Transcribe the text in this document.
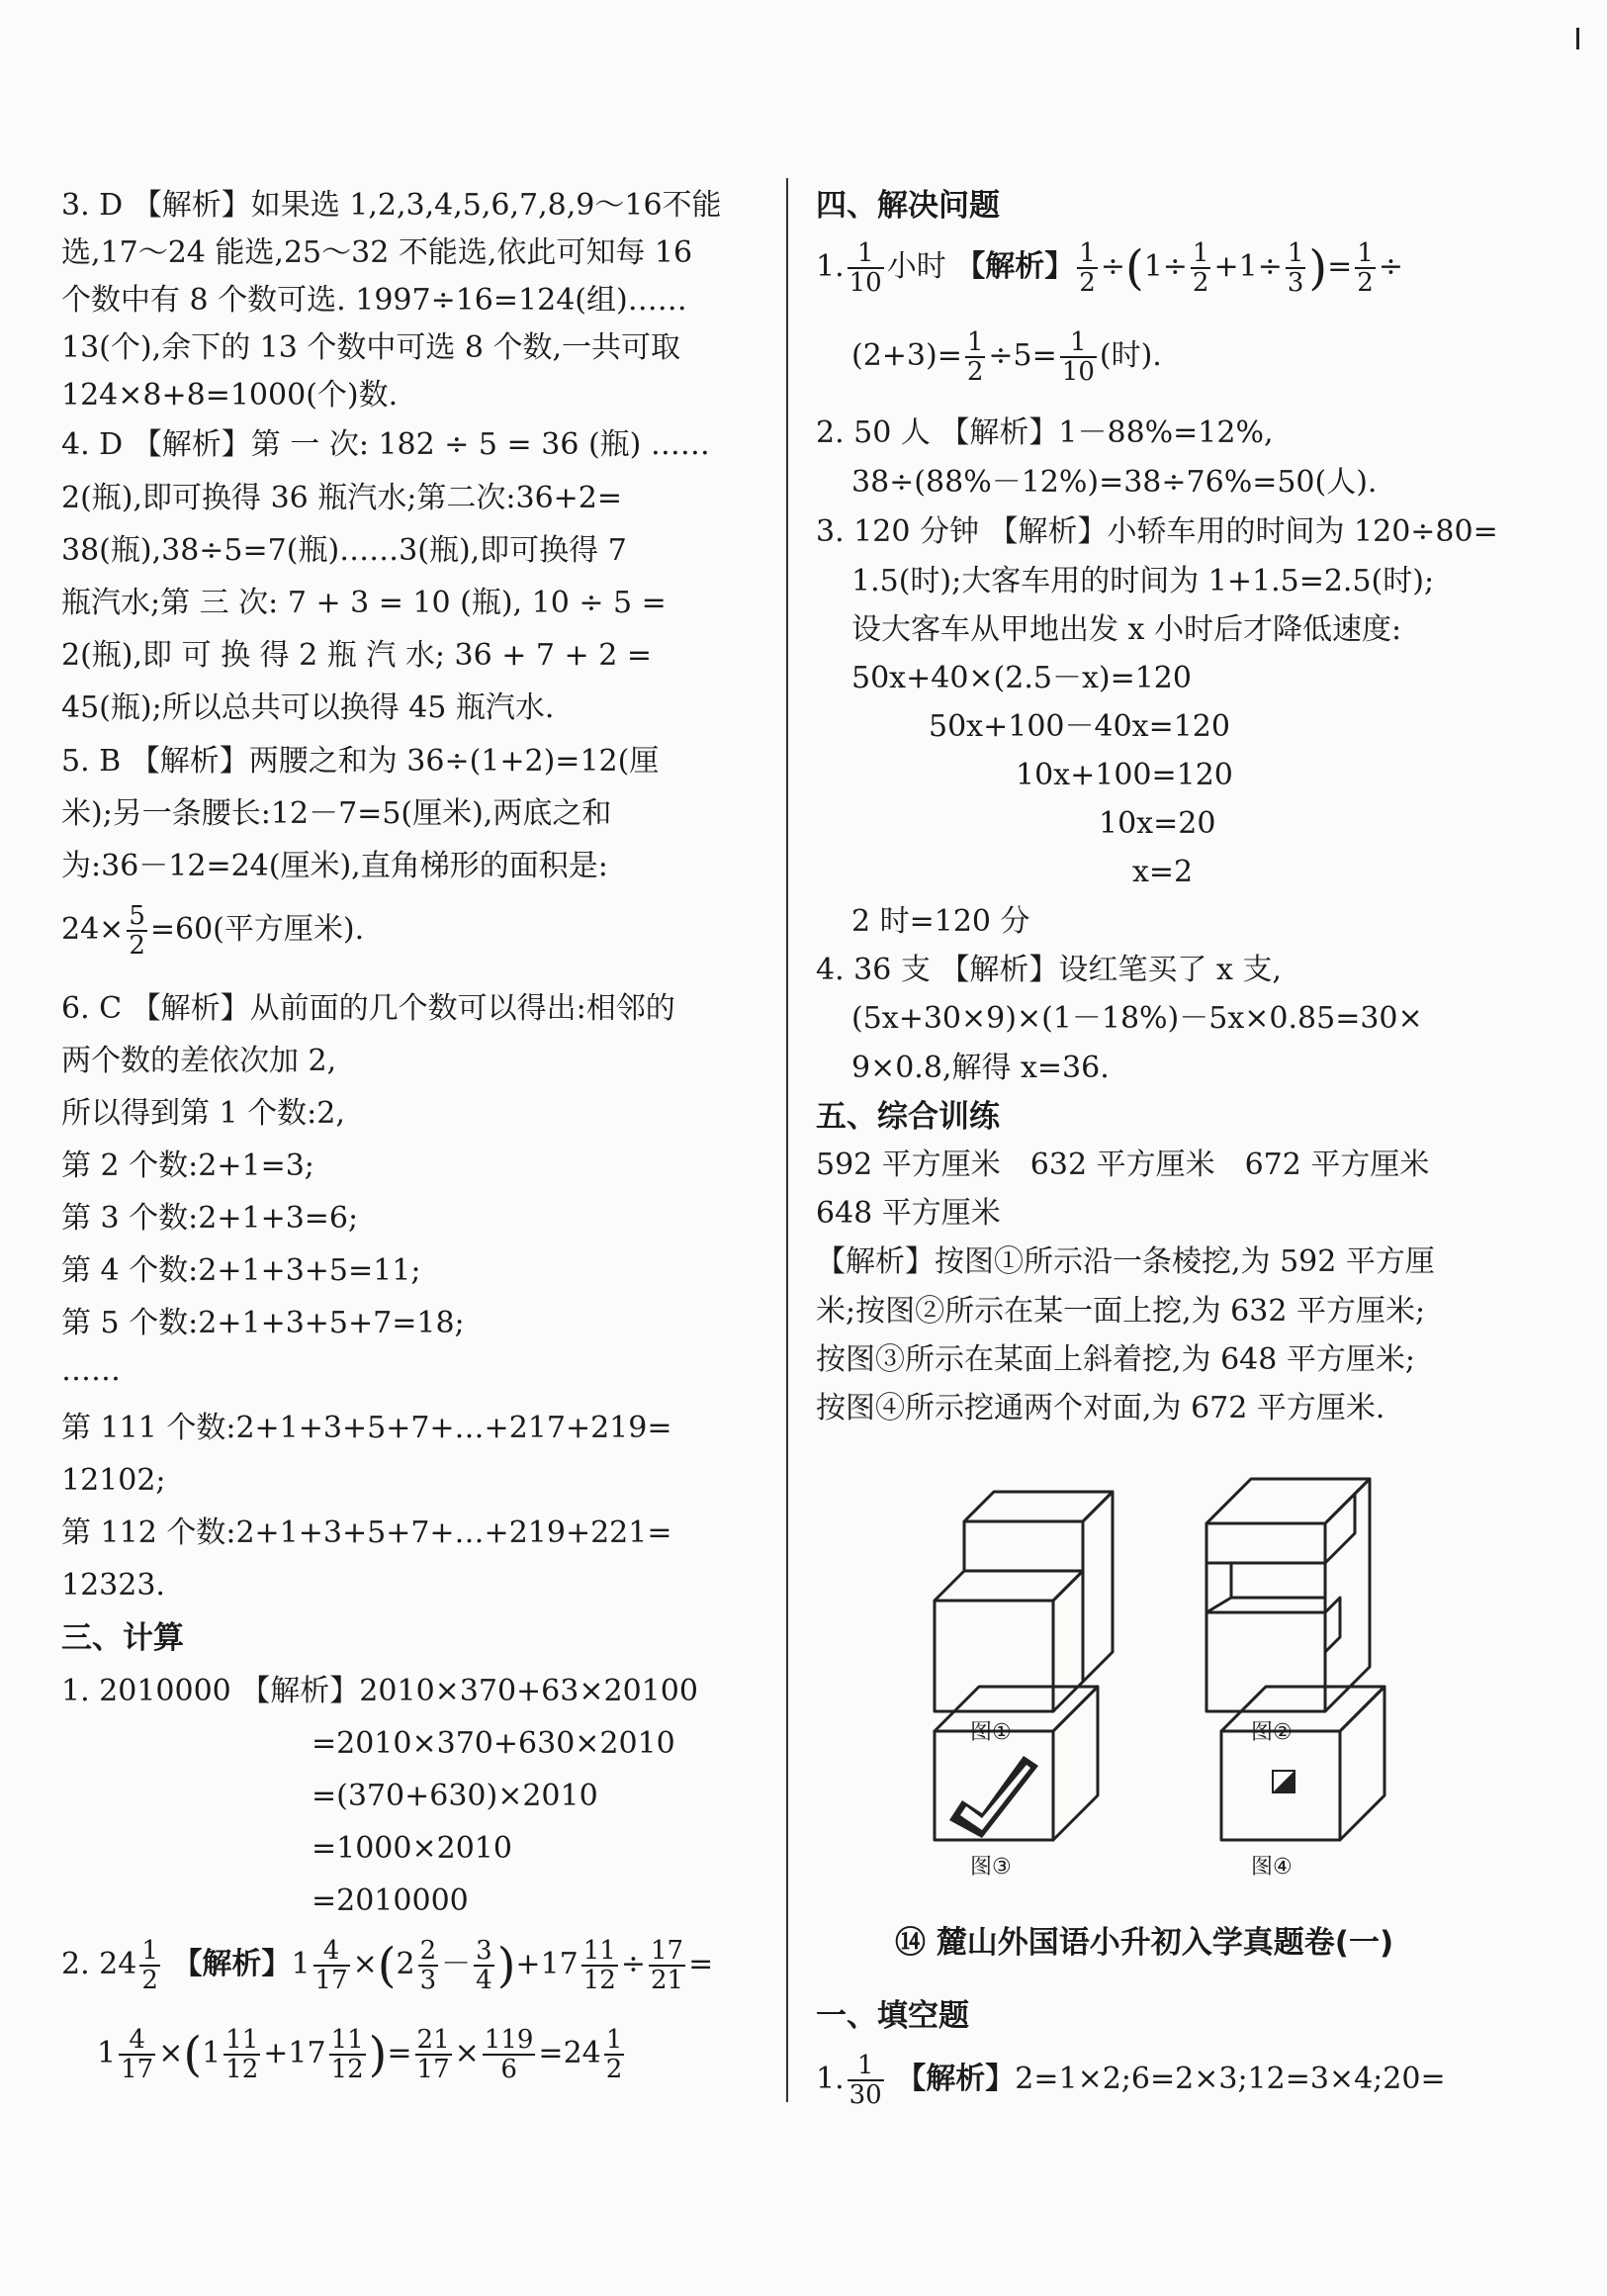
3. D 【解析】如果选 1,2,3,4,5,6,7,8,9～16不能
选,17～24 能选,25～32 不能选,依此可知每 16
个数中有 8 个数可选. 1997÷16=124(组)……
13(个),余下的 13 个数中可选 8 个数,一共可取
124×8+8=1000(个)数.
4. D 【解析】第 一 次: 182 ÷ 5 = 36 (瓶) ……
2(瓶),即可换得 36 瓶汽水;第二次:36+2=
38(瓶),38÷5=7(瓶)……3(瓶),即可换得 7
瓶汽水;第 三 次: 7 + 3 = 10 (瓶), 10 ÷ 5 =
2(瓶),即 可 换 得 2 瓶 汽 水; 36 + 7 + 2 =
45(瓶);所以总共可以换得 45 瓶汽水.
5. B 【解析】两腰之和为 36÷(1+2)=12(厘
米);另一条腰长:12－7=5(厘米),两底之和
为:36－12=24(厘米),直角梯形的面积是:
$24\times \frac{5}{2} =60$(平方厘米).
6. C 【解析】从前面的几个数可以得出:相邻的
两个数的差依次加 2,
所以得到第 1 个数:2,
第 2 个数:2+1=3;
第 3 个数:2+1+3=6;
第 4 个数:2+1+3+5=11;
第 5 个数:2+1+3+5+7=18;
……
第 111 个数:2+1+3+5+7+…+217+219=
12102;
第 112 个数:2+1+3+5+7+…+219+221=
12323.
三、计算
1. 2010000 【解析】2010×370+63×20100
=2010×370+630×2010
=(370+630)×2010
=1000×2010
=2010000
2. $24 \frac{1}{2}$ 【解析】$1 \frac{4}{17} \times(2 \frac{2}{3} - \frac{3}{4} )+17 \frac{11}{12} \div \frac{17}{21}$ =
$1 \frac{4}{17} \times(1 \frac{11}{12} +17 \frac{11}{12}$ )= $\frac{21}{17} \times \frac{119}{6} =24 \frac{1}{2}$
四、解决问题
1. $\frac{1}{10}$ 小时 【解析】 $\frac{1}{2} \div(1\div \frac{1}{2} +1\div \frac{1}{3}$ )= $\frac{1}{2}$ ÷
$(2+3)= \frac{1}{2} \div 5= \frac{1}{10}$ (时).
2. 50 人 【解析】1－88%=12%,
38÷(88%－12%)=38÷76%=50(人).
3. 120 分钟 【解析】小轿车用的时间为 120÷80=
1.5(时);大客车用的时间为 1+1.5=2.5(时);
设大客车从甲地出发 x 小时后才降低速度:
50x+40×(2.5－x)=120
50x+100－40x=120
10x+100=120
10x=20
x=2
2 时=120 分
4. 36 支 【解析】设红笔买了 x 支,
(5x+30×9)×(1－18%)－5x×0.85=30×
9×0.8,解得 x=36.
五、综合训练
592 平方厘米　632 平方厘米　672 平方厘米
648 平方厘米
【解析】按图①所示沿一条棱挖,为 592 平方厘
米;按图②所示在某一面上挖,为 632 平方厘米;
按图③所示在某面上斜着挖,为 648 平方厘米;
按图④所示挖通两个对面,为 672 平方厘米.
图①	图②
图③	图④
⑭ 麓山外国语小升初入学真题卷(一)
一、填空题
1. $\frac{1}{30}$ 【解析】2=1×2;6=2×3;12=3×4;20=
